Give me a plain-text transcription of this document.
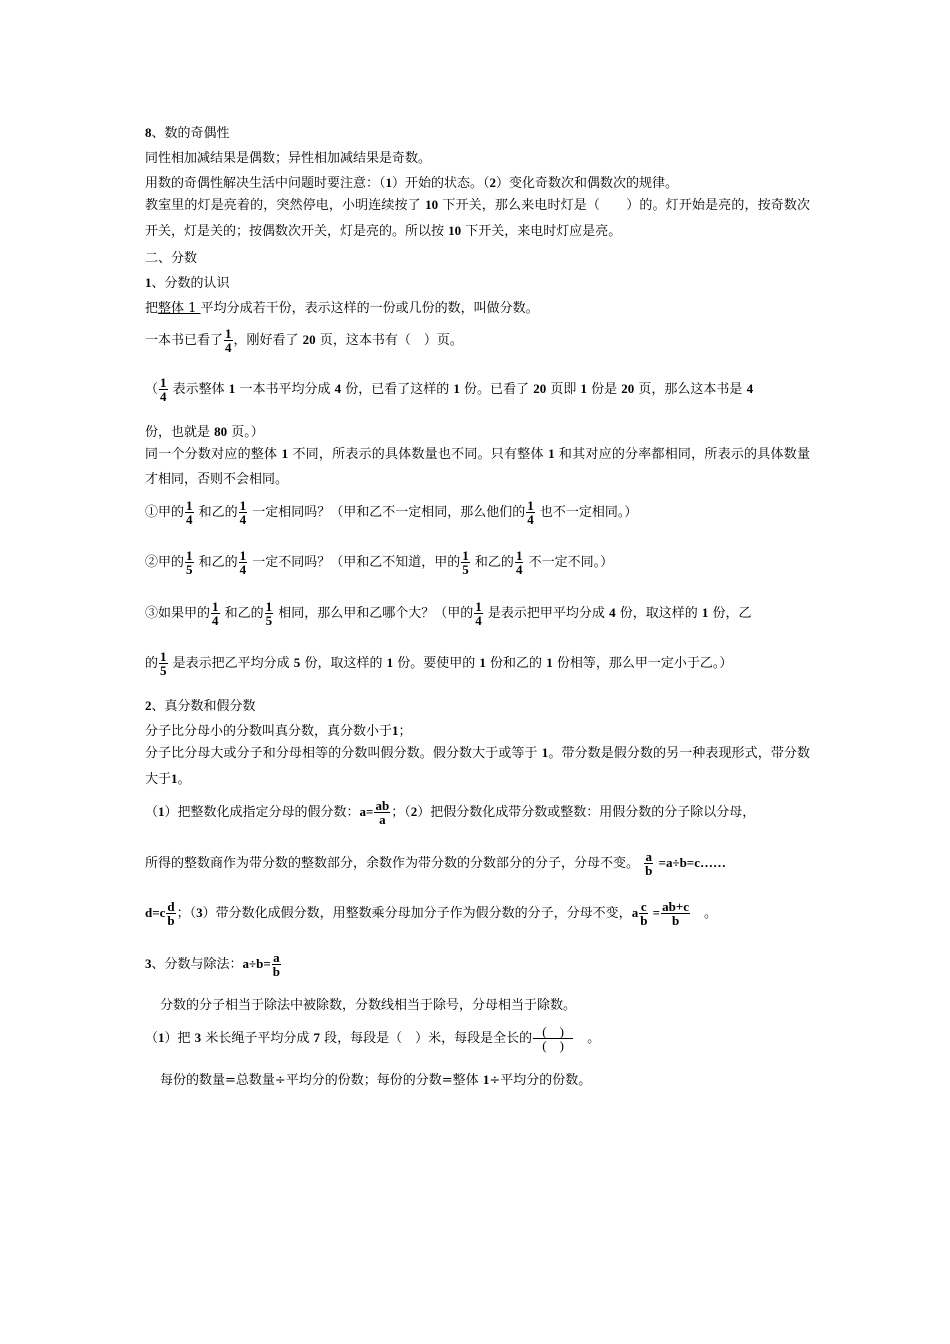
8、数的奇偶性
同性相加减结果是偶数；异性相加减结果是奇数。
用数的奇偶性解决生活中问题时要注意：（1）开始的状态。（2）变化奇数次和偶数次的规律。
教室里的灯是亮着的，突然停电，小明连续按了 10 下开关，那么来电时灯是（　　）的。灯开始是亮的，按奇数次开关，灯是关的；按偶数次开关，灯是亮的。所以按 10 下开关，来电时灯应是亮。
二、分数
1、分数的认识
把整体 1 平均分成若干份，表示这样的一份或几份的数，叫做分数。
一本书已看了 $\frac{1}{4}$ ，刚好看了 20 页，这本书有（　）页。
（ $\frac{1}{4}$ 表示整体 1 一本书平均分成 4 份，已看了这样的 1 份。已看了 20 页即 1 份是 20 页，那么这本书是 4
份，也就是 80 页。）
同一个分数对应的整体 1 不同，所表示的具体数量也不同。只有整体 1 和其对应的分率都相同，所表示的具体数量才相同，否则不会相同。
①甲的 $\frac{1}{4}$ 和乙的 $\frac{1}{4}$ 一定相同吗？（甲和乙不一定相同，那么他们的 $\frac{1}{4}$ 也不一定相同。）
②甲的 $\frac{1}{5}$ 和乙的 $\frac{1}{4}$ 一定不同吗？（甲和乙不知道，甲的 $\frac{1}{5}$ 和乙的 $\frac{1}{4}$ 不一定不同。）
③如果甲的 $\frac{1}{4}$ 和乙的 $\frac{1}{5}$ 相同，那么甲和乙哪个大？（甲的 $\frac{1}{4}$ 是表示把甲平均分成 4 份，取这样的 1 份，乙
的 $\frac{1}{5}$ 是表示把乙平均分成 5 份，取这样的 1 份。要使甲的 1 份和乙的 1 份相等，那么甲一定小于乙。）
2、真分数和假分数
分子比分母小的分数叫真分数，真分数小于1；
分子比分母大或分子和分母相等的分数叫假分数。假分数大于或等于 1。带分数是假分数的另一种表现形式，带分数大于1。
（1）把整数化成指定分母的假分数：$a= \frac{ab}{a}$ ；（2）把假分数化成带分数或整数：用假分数的分子除以分母，
所得的整数商作为带分数的整数部分，余数作为带分数的分数部分的分子，分母不变。 $\frac{a}{b}$ =a÷b=c……
$d=c \frac{d}{b}$ ；（3）带分数化成假分数，用整数乘分母加分子作为假分数的分子，分母不变，a $\frac{c}{b} = \frac{ab+c}{b}$ 　。
3、分数与除法：$a\div b= \frac{a}{b}$
分数的分子相当于除法中被除数，分数线相当于除号，分母相当于除数。
（1）把 3 米长绳子平均分成 7 段，每段是（　）米，每段是全长的 $\frac{( )}{( )}$ 　。
每份的数量=总数量÷平均分的份数；每份的分数=整体 1÷平均分的份数。
